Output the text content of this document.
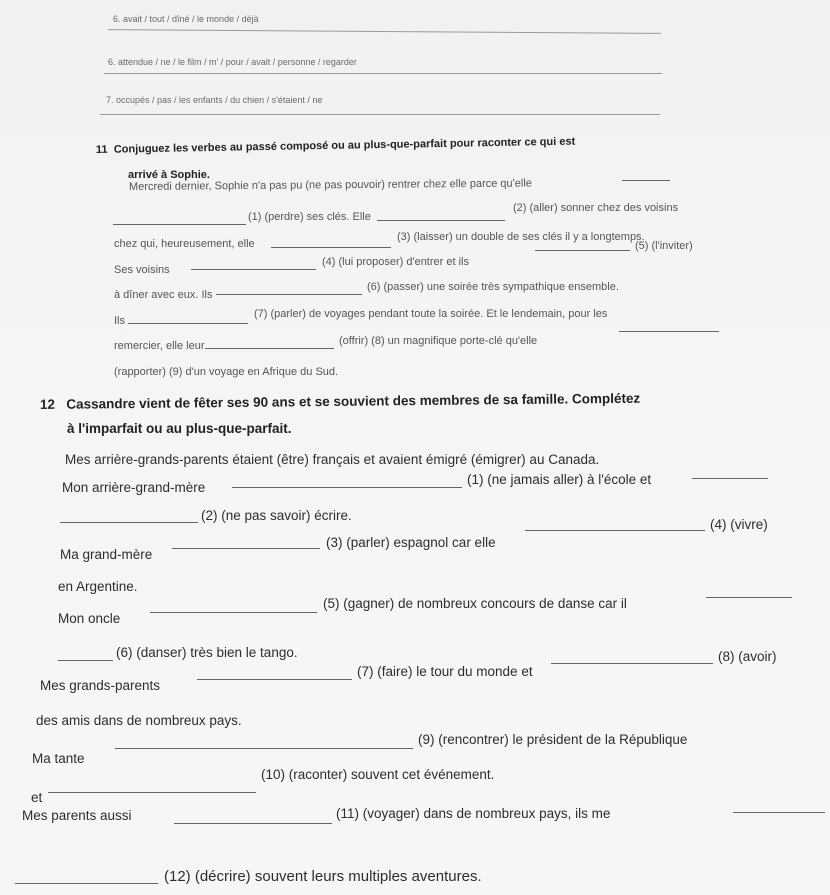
6. avait / tout / dîné / le monde / déjà
6. attendue / ne / le film / m' / pour / avait / personne / regarder
7. occupés / pas / les enfants / du chien / s'étaient / ne
11 Conjuguez les verbes au passé composé ou au plus-que-parfait pour raconter ce qui est
arrivé à Sophie.
Mercredi dernier, Sophie n'a pas pu (ne pas pouvoir) rentrer chez elle parce qu'elle
(1) (perdre) ses clés. Elle
(2) (aller) sonner chez des voisins
chez qui, heureusement, elle
(3) (laisser) un double de ses clés il y a longtemps.
Ses voisins
(4) (lui proposer) d'entrer et ils
(5) (l'inviter)
à dîner avec eux. Ils
(6) (passer) une soirée très sympathique ensemble.
Ils
(7) (parler) de voyages pendant toute la soirée. Et le lendemain, pour les
remercier, elle leur	(offrir) (8) un magnifique porte-clé qu'elle
(rapporter) (9) d'un voyage en Afrique du Sud.
12 Cassandre vient de fêter ses 90 ans et se souvient des membres de sa famille. Complétez
à l'imparfait ou au plus-que-parfait.
Mes arrière-grands-parents étaient (être) français et avaient émigré (émigrer) au Canada.
Mon arrière-grand-mère
(1) (ne jamais aller) à l'école et
(2) (ne pas savoir) écrire.
Ma grand-mère
(3) (parler) espagnol car elle
(4) (vivre)
en Argentine.
Mon oncle
(5) (gagner) de nombreux concours de danse car il
(6) (danser) très bien le tango.
Mes grands-parents
(7) (faire) le tour du monde et
(8) (avoir)
des amis dans de nombreux pays.
Ma tante
(9) (rencontrer) le président de la République
et
(10) (raconter) souvent cet événement.
Mes parents aussi	(11) (voyager) dans de nombreux pays, ils me
(12) (décrire) souvent leurs multiples aventures.
